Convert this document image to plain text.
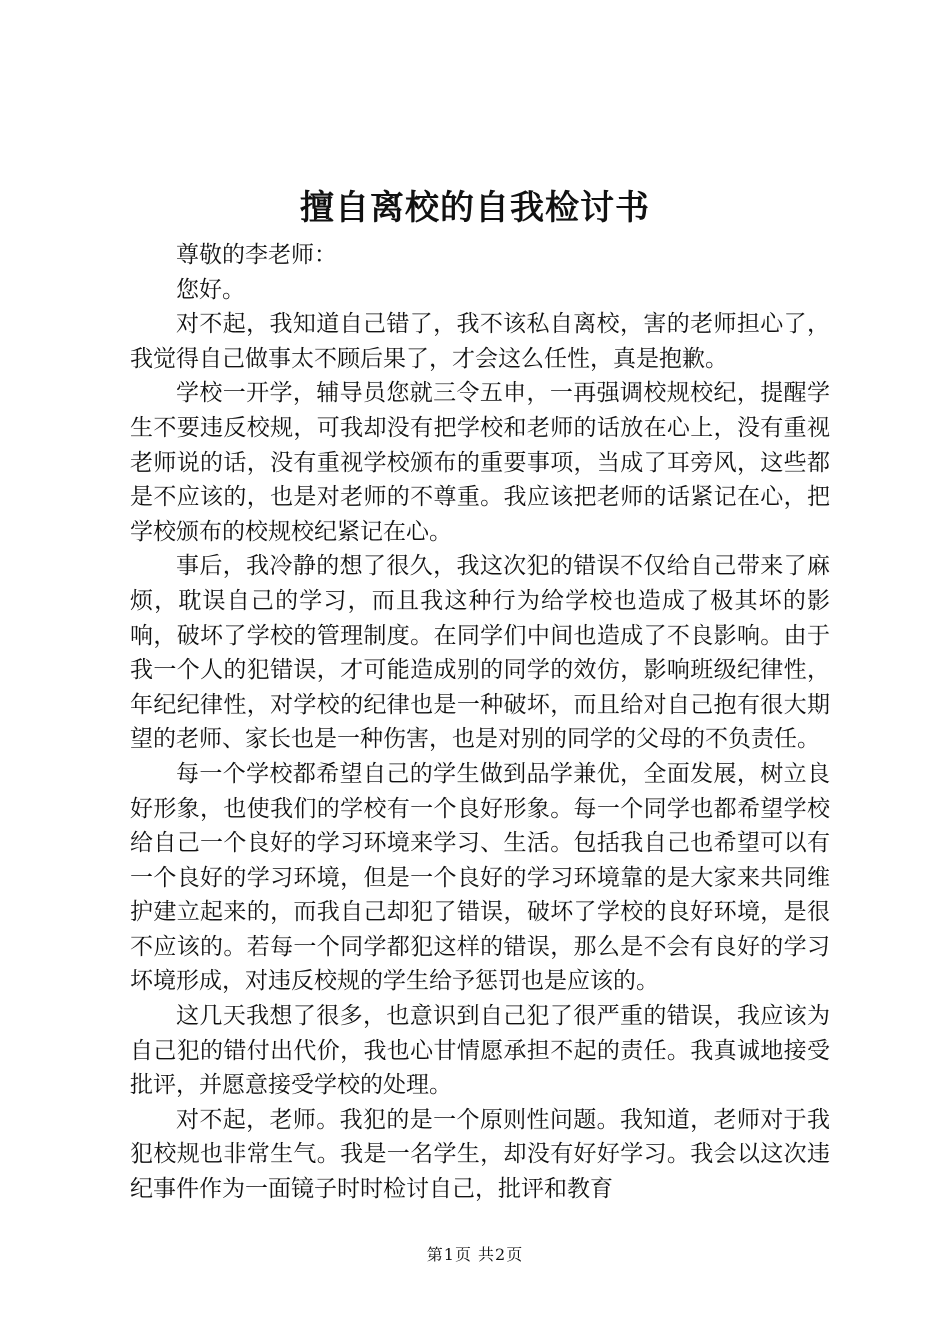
擅自离校的自我检讨书

尊敬的李老师：

您好。

对不起，我知道自己错了，我不该私自离校，害的老师担心了，我觉得自己做事太不顾后果了，才会这么任性，真是抱歉。

学校一开学，辅导员您就三令五申，一再强调校规校纪，提醒学生不要违反校规，可我却没有把学校和老师的话放在心上，没有重视老师说的话，没有重视学校颁布的重要事项，当成了耳旁风，这些都是不应该的，也是对老师的不尊重。我应该把老师的话紧记在心，把学校颁布的校规校纪紧记在心。

事后，我冷静的想了很久，我这次犯的错误不仅给自己带来了麻烦，耽误自己的学习，而且我这种行为给学校也造成了极其坏的影响，破坏了学校的管理制度。在同学们中间也造成了不良影响。由于我一个人的犯错误，才可能造成别的同学的效仿，影响班级纪律性，年纪纪律性，对学校的纪律也是一种破坏，而且给对自己抱有很大期望的老师、家长也是一种伤害，也是对别的同学的父母的不负责任。

每一个学校都希望自己的学生做到品学兼优，全面发展，树立良好形象，也使我们的学校有一个良好形象。每一个同学也都希望学校给自己一个良好的学习环境来学习、生活。包括我自己也希望可以有一个良好的学习环境，但是一个良好的学习环境靠的是大家来共同维护建立起来的，而我自己却犯了错误，破坏了学校的良好环境，是很不应该的。若每一个同学都犯这样的错误，那么是不会有良好的学习坏境形成，对违反校规的学生给予惩罚也是应该的。

这几天我想了很多，也意识到自己犯了很严重的错误，我应该为自己犯的错付出代价，我也心甘情愿承担不起的责任。我真诚地接受批评，并愿意接受学校的处理。

对不起，老师。我犯的是一个原则性问题。我知道，老师对于我犯校规也非常生气。我是一名学生，却没有好好学习。我会以这次违纪事件作为一面镜子时时检讨自己，批评和教育

第1页 共2页
